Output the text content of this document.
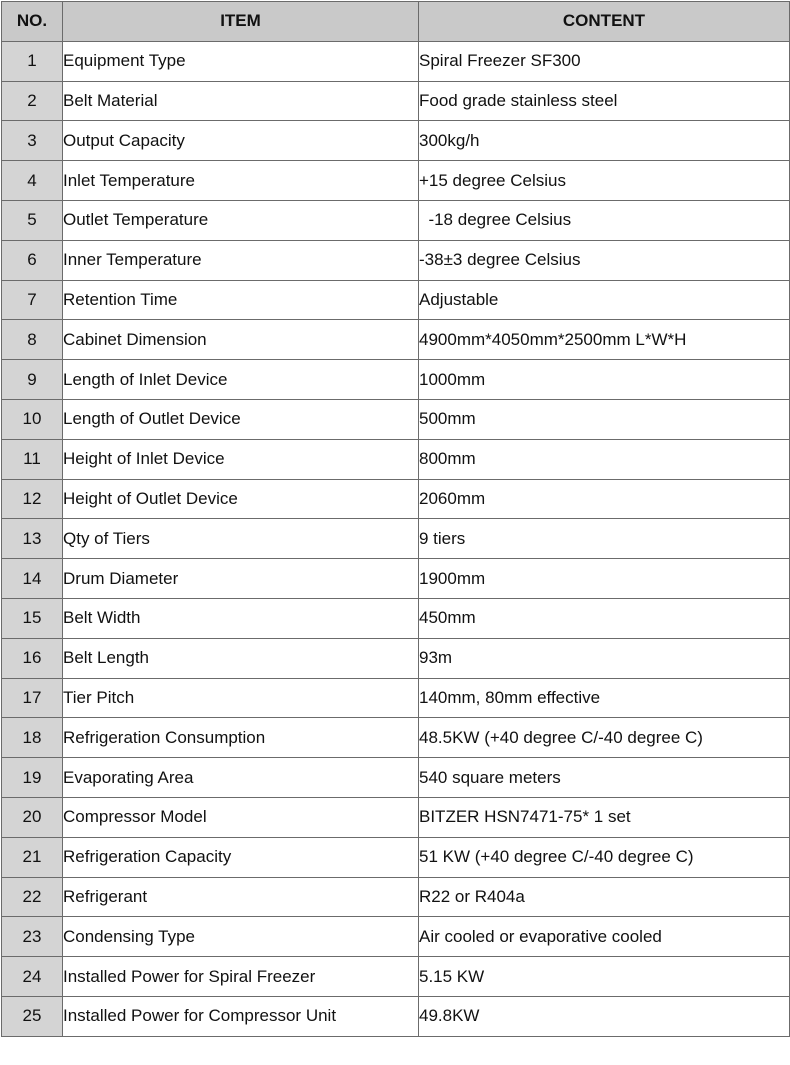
NO.	ITEM	CONTENT
1	Equipment Type	Spiral Freezer SF300
2	Belt Material	Food grade stainless steel
3	Output Capacity	300kg/h
4	Inlet Temperature	+15 degree Celsius
5	Outlet Temperature	-18 degree Celsius
6	Inner Temperature	-38±3 degree Celsius
7	Retention Time	Adjustable
8	Cabinet Dimension	4900mm*4050mm*2500mm L*W*H
9	Length of Inlet Device	1000mm
10	Length of Outlet Device	500mm
11	Height of Inlet Device	800mm
12	Height of Outlet Device	2060mm
13	Qty of Tiers	9 tiers
14	Drum Diameter	1900mm
15	Belt Width	450mm
16	Belt Length	93m
17	Tier Pitch	140mm, 80mm effective
18	Refrigeration Consumption	48.5KW (+40 degree C/-40 degree C)
19	Evaporating Area	540 square meters
20	Compressor Model	BITZER HSN7471-75* 1 set
21	Refrigeration Capacity	51 KW (+40 degree C/-40 degree C)
22	Refrigerant	R22 or R404a
23	Condensing Type	Air cooled or evaporative cooled
24	Installed Power for Spiral Freezer	5.15 KW
25	Installed Power for Compressor Unit	49.8KW
